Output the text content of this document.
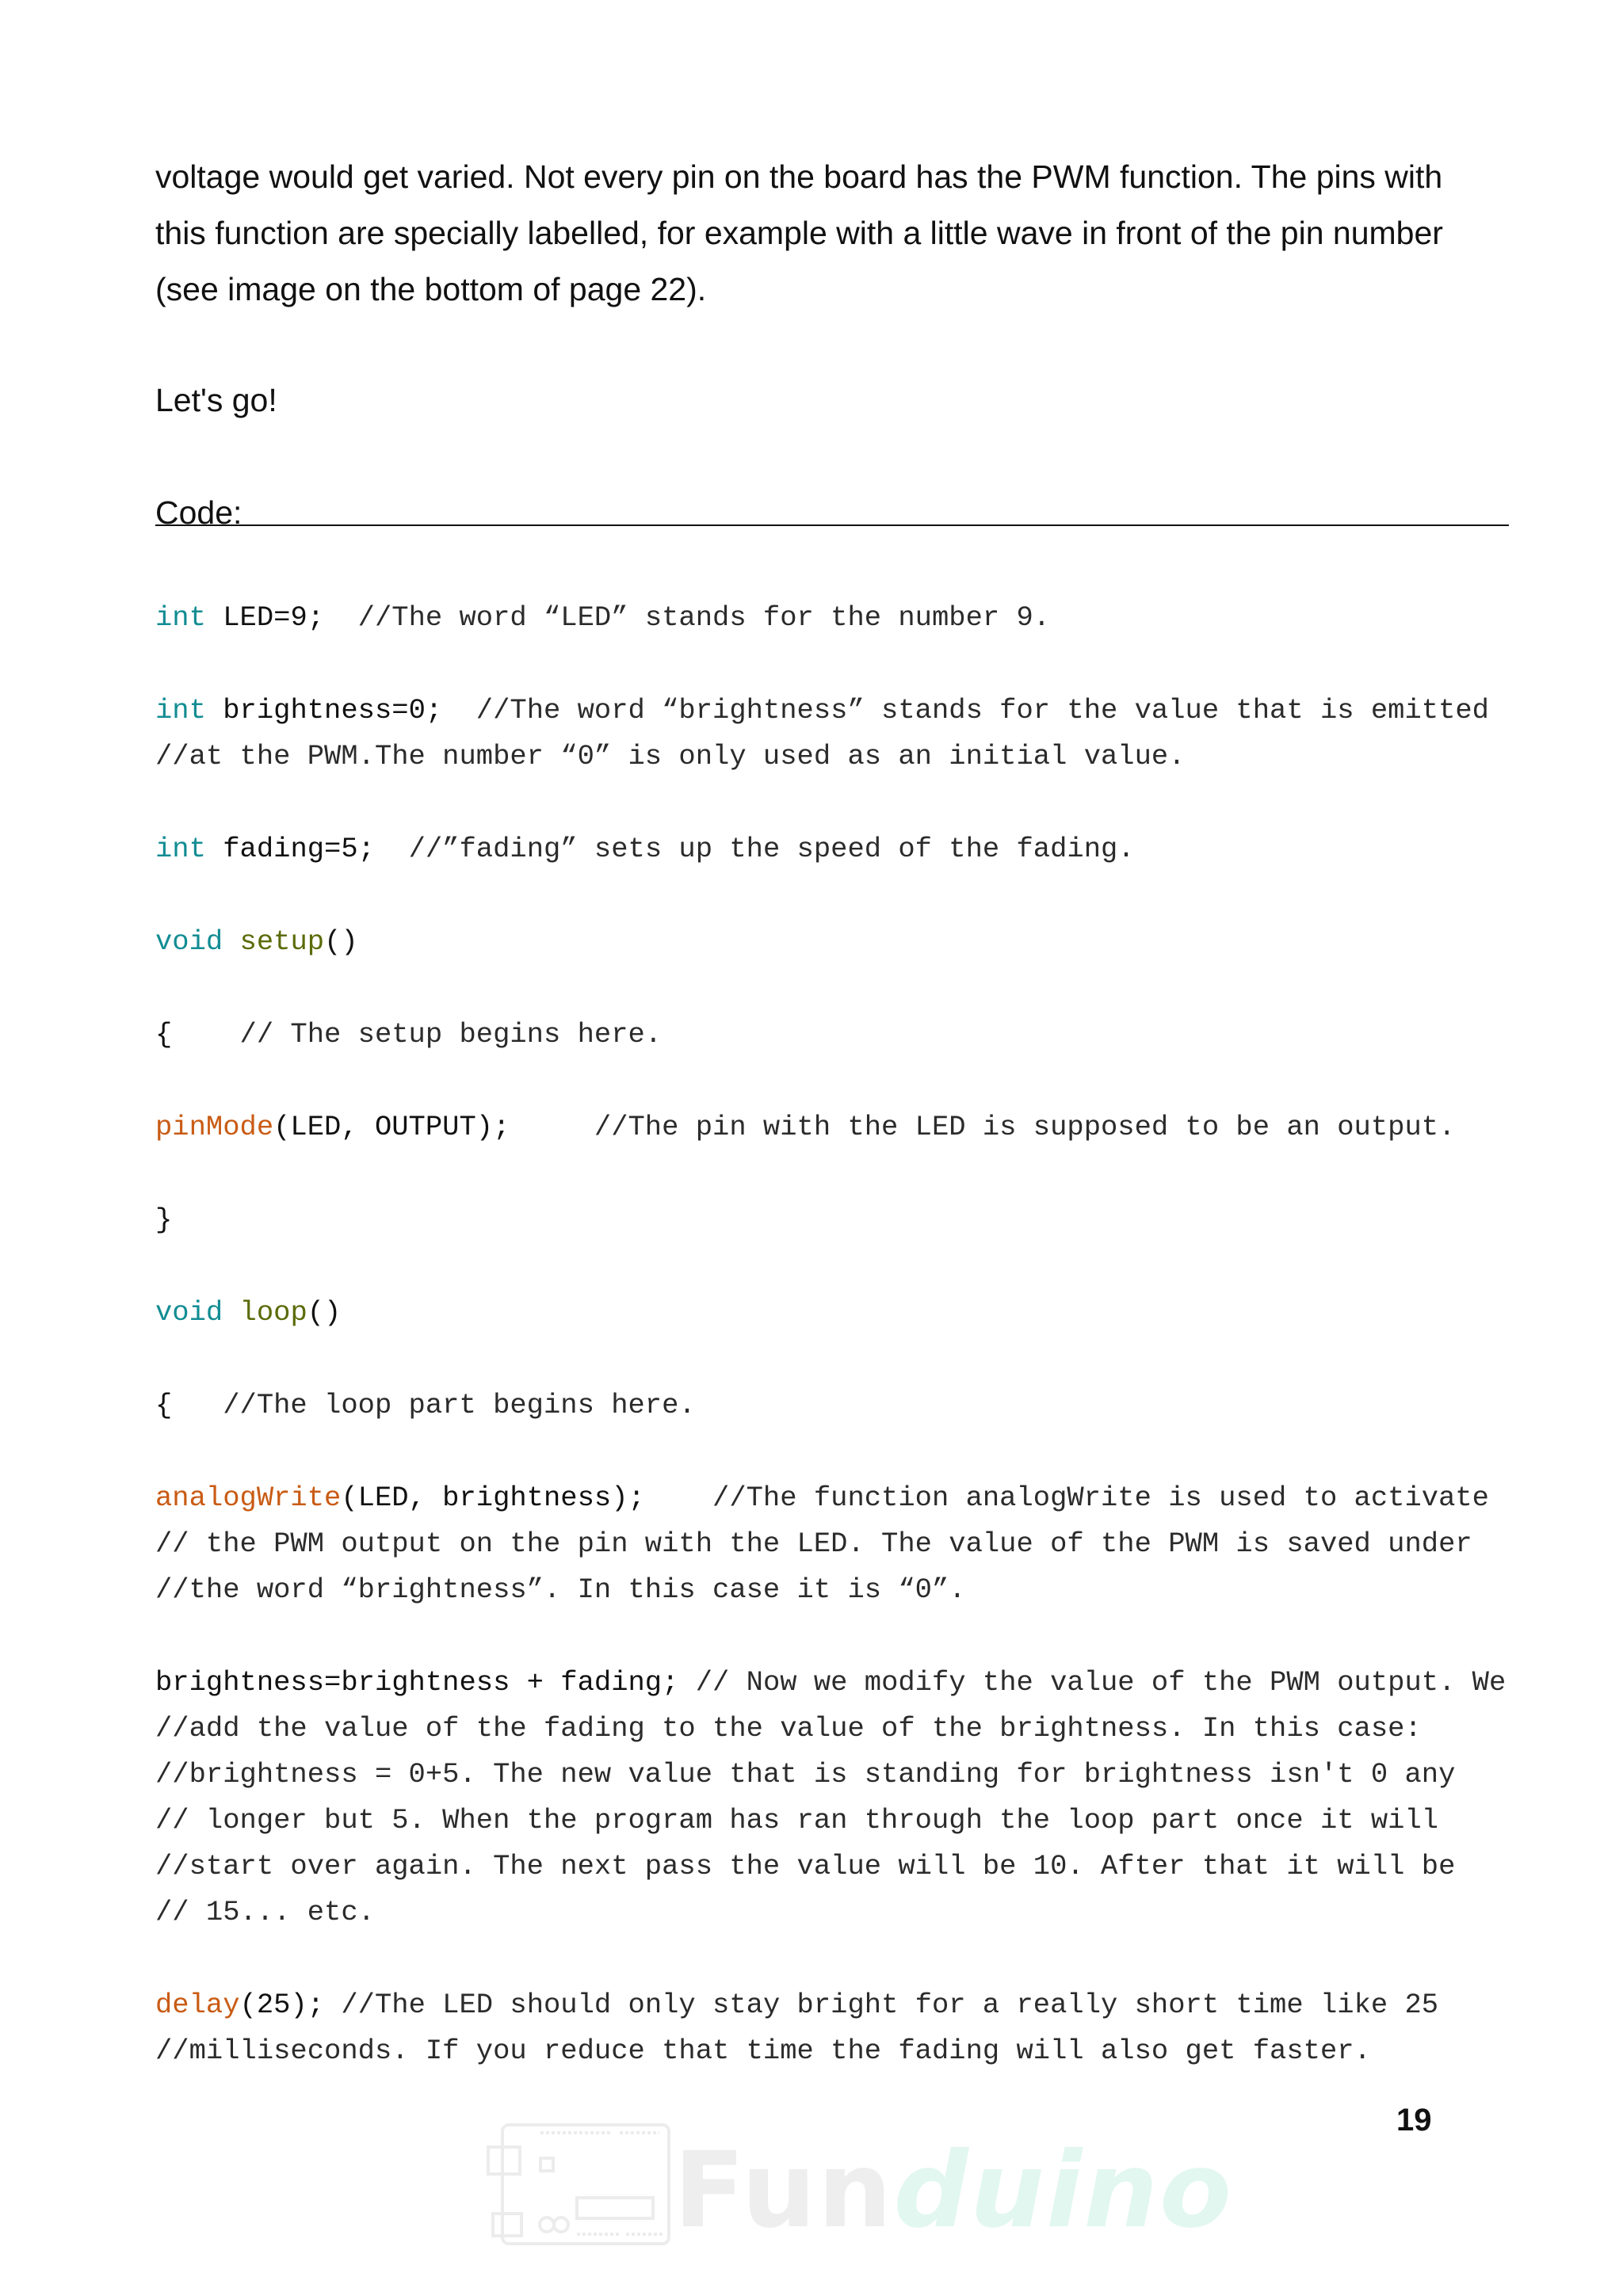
voltage would get varied. Not every pin on the board has the PWM function. The pins with

this function are specially labelled, for example with a little wave in front of the pin number

(see image on the bottom of page 22).

Let's go!
Code:

int LED=9;  //The word “LED” stands for the number 9.

int brightness=0;  //The word “brightness” stands for the value that is emitted

//at the PWM.The number “0” is only used as an initial value.

int fading=5;  //”fading” sets up the speed of the fading.

void setup()

{    // The setup begins here.

pinMode(LED, OUTPUT);     //The pin with the LED is supposed to be an output.

}

void loop()

{   //The loop part begins here.

analogWrite(LED, brightness);    //The function analogWrite is used to activate

// the PWM output on the pin with the LED. The value of the PWM is saved under

//the word “brightness”. In this case it is “0”.

brightness=brightness + fading; // Now we modify the value of the PWM output. We

//add the value of the fading to the value of the brightness. In this case:

//brightness = 0+5. The new value that is standing for brightness isn't 0 any

// longer but 5. When the program has ran through the loop part once it will

//start over again. The next pass the value will be 10. After that it will be

// 15... etc.

delay(25); //The LED should only stay bright for a really short time like 25

//milliseconds. If you reduce that time the fading will also get faster.

19
Funduino
